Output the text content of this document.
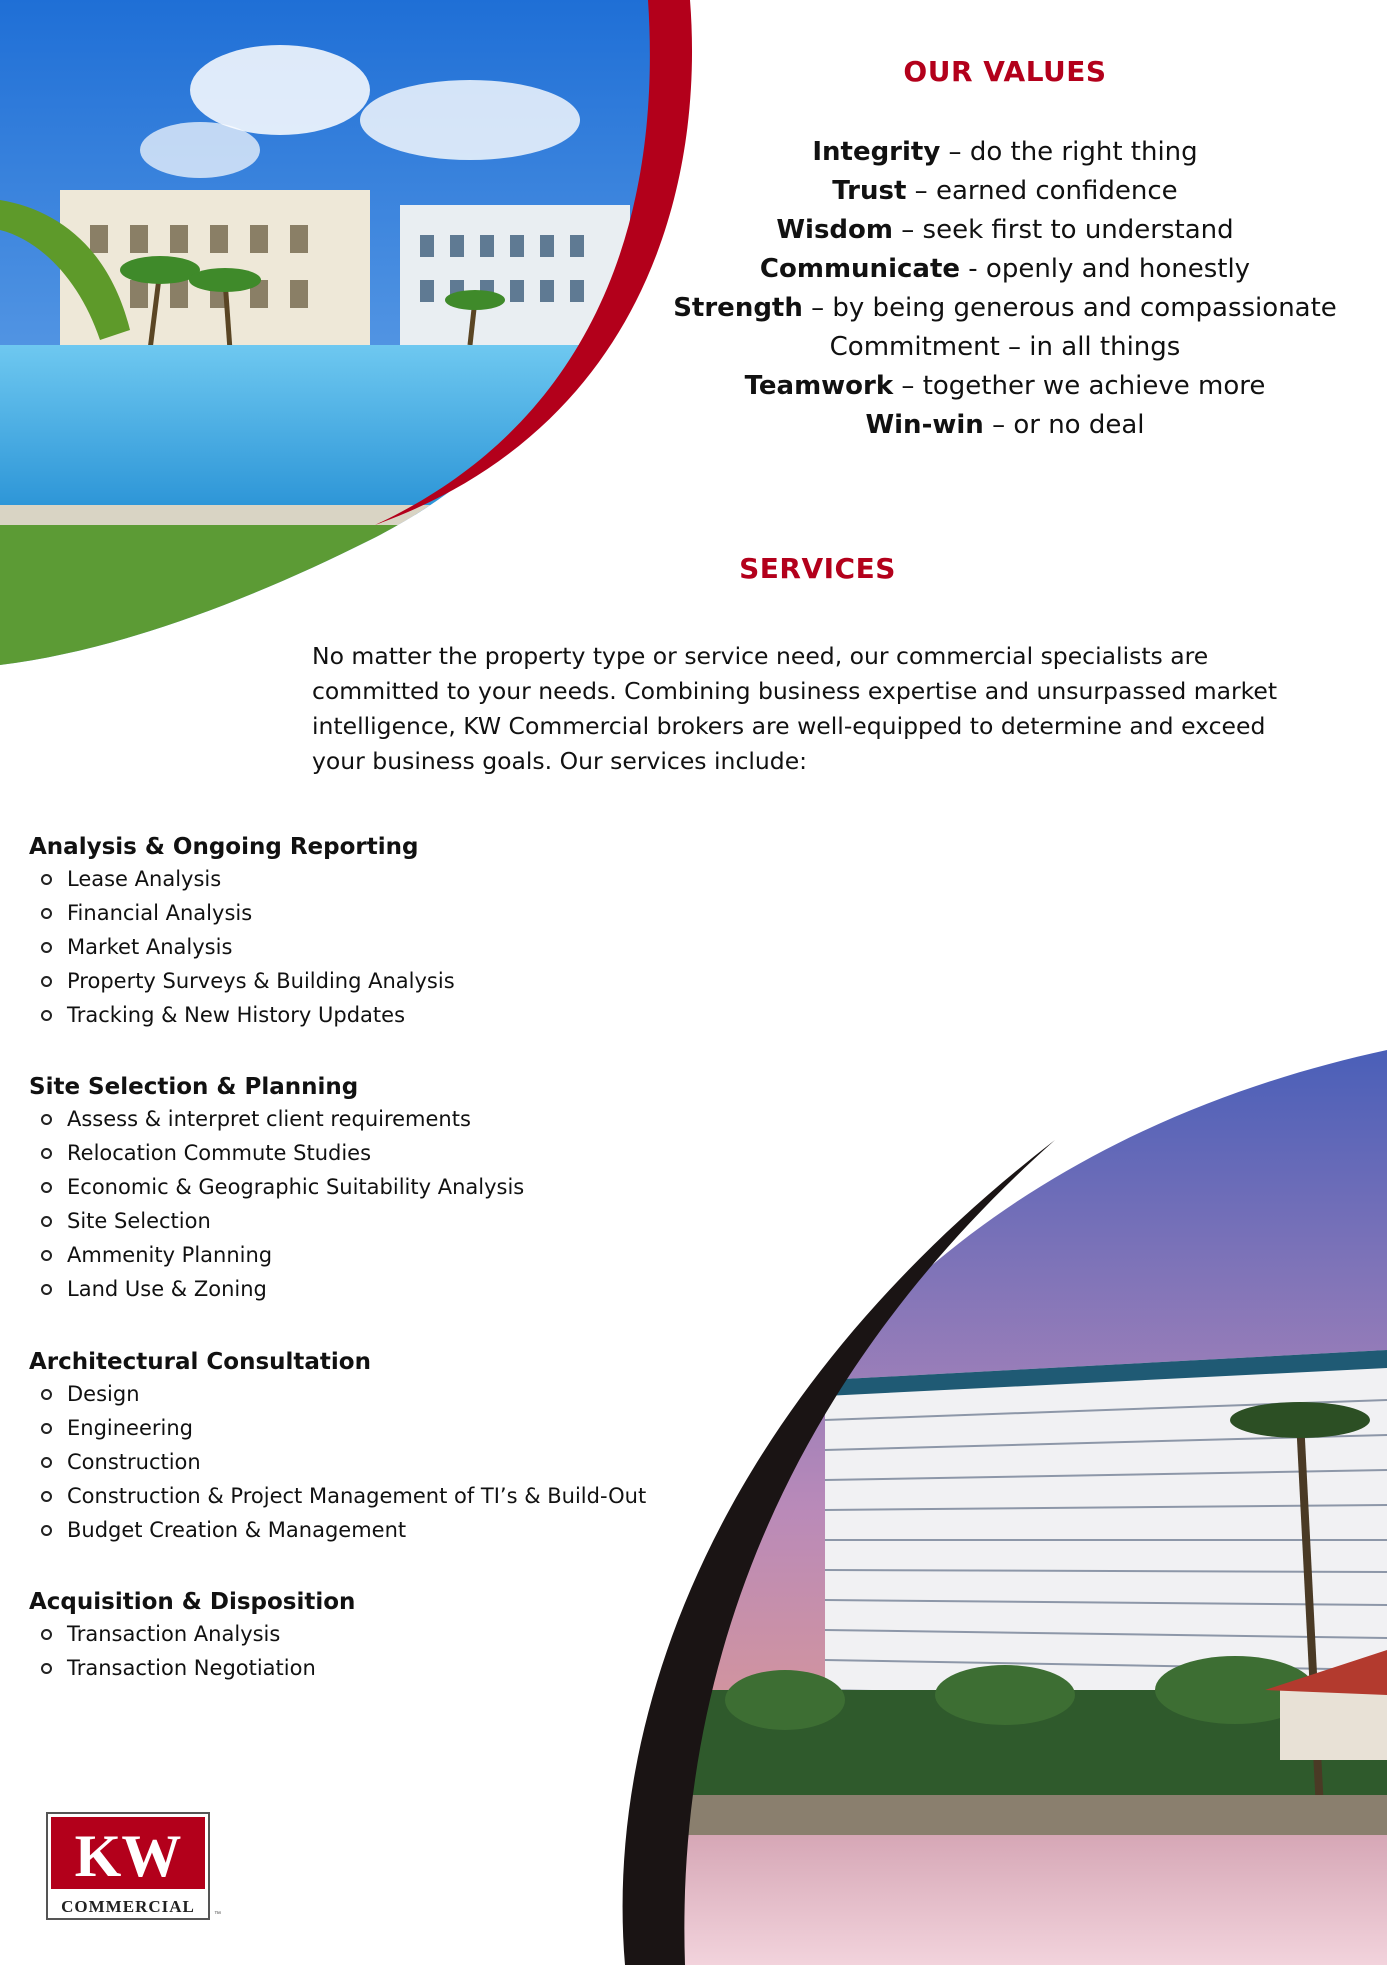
OUR VALUES
Integrity – do the right thing
Trust – earned confidence
Wisdom – seek first to understand
Communicate - openly and honestly
Strength – by being generous and compassionate
Commitment – in all things
Teamwork – together we achieve more
Win-win – or no deal
SERVICES

No matter the property type or service need, our commercial specialists are committed to your needs. Combining business expertise and unsurpassed market intelligence, KW Commercial brokers are well-equipped to determine and exceed your business goals. Our services include:

Analysis & Ongoing Reporting
Lease Analysis
Financial Analysis
Market Analysis
Property Surveys & Building Analysis
Tracking & New History Updates
Site Selection & Planning
Assess & interpret client requirements
Relocation Commute Studies
Economic & Geographic Suitability Analysis
Site Selection
Ammenity Planning
Land Use & Zoning
Architectural Consultation
Design
Engineering
Construction
Construction & Project Management of TI’s & Build-Out
Budget Creation & Management
Acquisition & Disposition
Transaction Analysis
Transaction Negotiation
KW
COMMERCIAL	™
